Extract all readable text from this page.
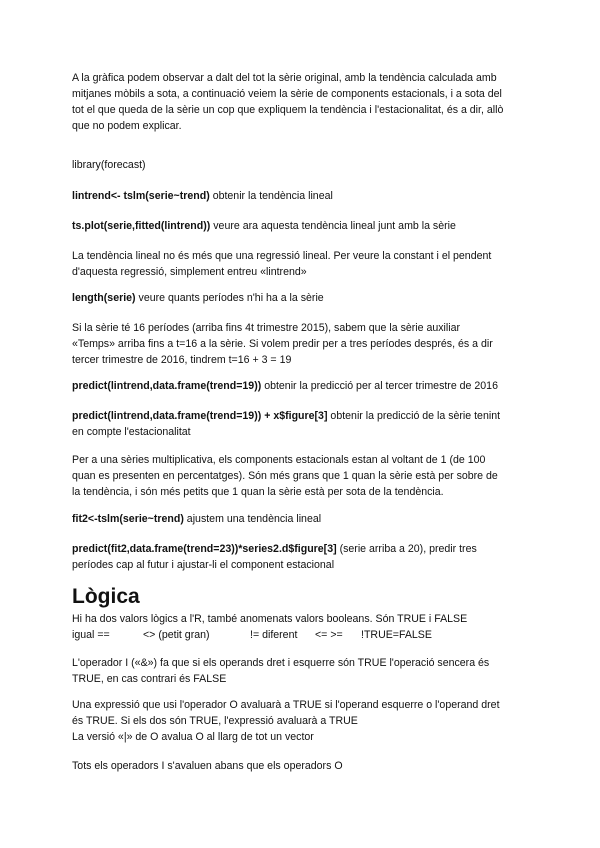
A la gràfica podem observar a dalt del tot la sèrie original, amb la tendència calculada amb
mitjanes mòbils a sota, a continuació veiem la sèrie de components estacionals, i a sota del
tot el que queda de la sèrie un cop que expliquem la tendència i l'estacionalitat, és a dir, allò
que no podem explicar.
library(forecast)
lintrend<- tslm(serie~trend) obtenir la tendència lineal
ts.plot(serie,fitted(lintrend)) veure ara aquesta tendència lineal junt amb la sèrie
La tendència lineal no és més que una regressió lineal. Per veure la constant i el pendent
d'aquesta regressió, simplement entreu «lintrend»
length(serie) veure quants períodes n'hi ha a la sèrie
Si la sèrie té 16 períodes (arriba fins 4t trimestre 2015), sabem que la sèrie auxiliar
«Temps» arriba fins a t=16 a la sèrie. Si volem predir per a tres períodes després, és a dir
tercer trimestre de 2016, tindrem t=16 + 3 = 19
predict(lintrend,data.frame(trend=19)) obtenir la predicció per al tercer trimestre de 2016
predict(lintrend,data.frame(trend=19)) + x$figure[3] obtenir la predicció de la sèrie tenint
en compte l'estacionalitat
Per a una sèries multiplicativa, els components estacionals estan al voltant de 1 (de 100
quan es presenten en percentatges). Són més grans que 1 quan la sèrie està per sobre de
la tendència, i són més petits que 1 quan la sèrie està per sota de la tendència.
fit2<-tslm(serie~trend) ajustem una tendència lineal
predict(fit2,data.frame(trend=23))*series2.d$figure[3] (serie arriba a 20), predir tres
períodes cap al futur i ajustar-li el component estacional
Lògica
Hi ha dos valors lògics a l'R, també anomenats valors booleans. Són TRUE i FALSE
igual ==	<> (petit gran)	!= diferent <= >= !TRUE=FALSE
L'operador I («&») fa que si els operands dret i esquerre són TRUE l'operació sencera és
TRUE, en cas contrari és FALSE
Una expressió que usi l'operador O avaluarà a TRUE si l'operand esquerre o l'operand dret
és TRUE. Si els dos són TRUE, l'expressió avaluarà a TRUE
La versió «|» de O avalua O al llarg de tot un vector
Tots els operadors I s'avaluen abans que els operadors O
